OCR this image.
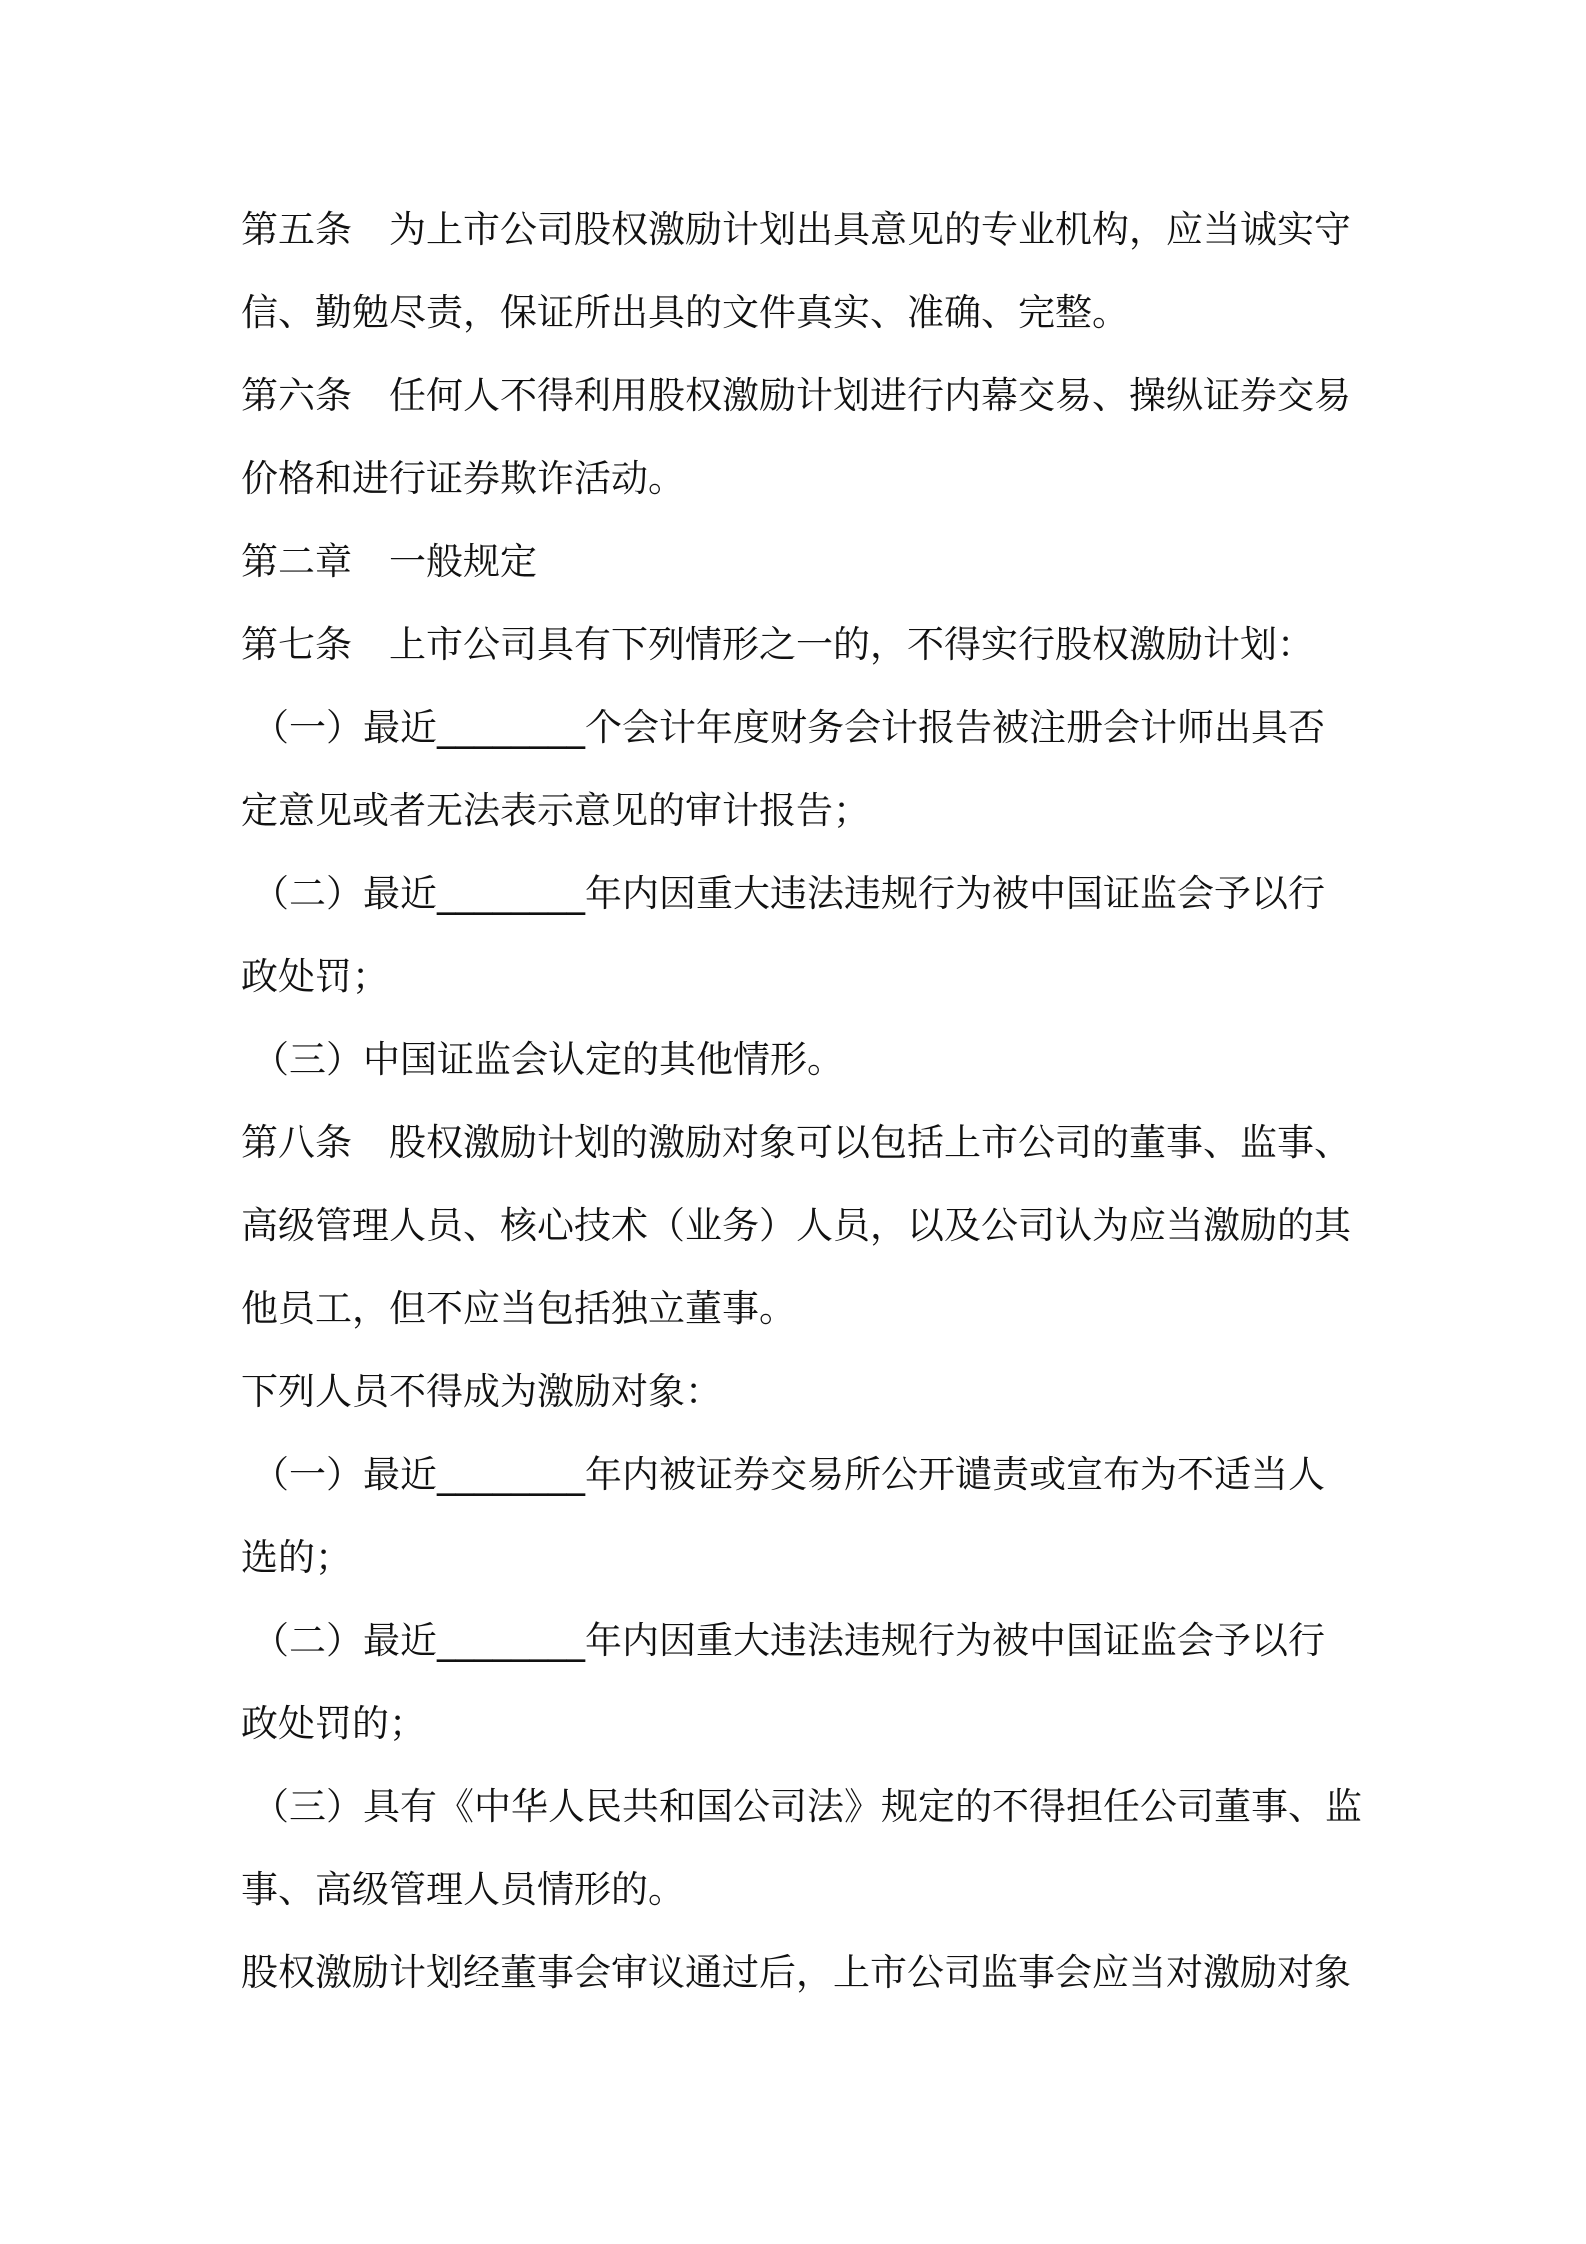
第五条　为上市公司股权激励计划出具意见的专业机构，应当诚实守
信、勤勉尽责，保证所出具的文件真实、准确、完整。
第六条　任何人不得利用股权激励计划进行内幕交易、操纵证券交易
价格和进行证券欺诈活动。
第二章　一般规定
第七条　上市公司具有下列情形之一的，不得实行股权激励计划：
（一）最近________个会计年度财务会计报告被注册会计师出具否
定意见或者无法表示意见的审计报告；
（二）最近________年内因重大违法违规行为被中国证监会予以行
政处罚；
（三）中国证监会认定的其他情形。
第八条　股权激励计划的激励对象可以包括上市公司的董事、监事、
高级管理人员、核心技术（业务）人员，以及公司认为应当激励的其
他员工，但不应当包括独立董事。
下列人员不得成为激励对象：
（一）最近________年内被证券交易所公开谴责或宣布为不适当人
选的；
（二）最近________年内因重大违法违规行为被中国证监会予以行
政处罚的；
（三）具有《中华人民共和国公司法》规定的不得担任公司董事、监
事、高级管理人员情形的。
股权激励计划经董事会审议通过后，上市公司监事会应当对激励对象
